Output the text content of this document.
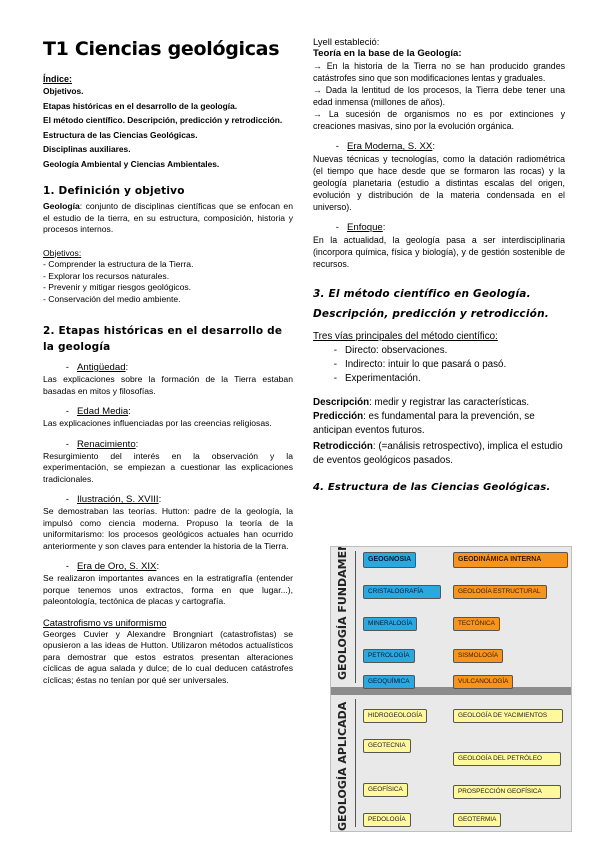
T1 Ciencias geológicas

Índice:

Objetivos.

Etapas históricas en el desarrollo de la geología.

El método científico. Descripción, predicción y retrodicción.

Estructura de las Ciencias Geológicas.

Disciplinas auxiliares.

Geología Ambiental y Ciencias Ambientales.

1. Definición y objetivo

Geología: conjunto de disciplinas científicas que se enfocan en el estudio de la tierra, en su estructura, composición, historia y procesos internos.

Objetivos:

- Comprender la estructura de la Tierra.

- Explorar los recursos naturales.

- Prevenir y mitigar riesgos geológicos.

- Conservación del medio ambiente.

2. Etapas históricas en el desarrollo de la geología

- Antigüedad:

Las explicaciones sobre la formación de la Tierra estaban basadas en mitos y filosofías.

- Edad Media:

Las explicaciones influenciadas por las creencias religiosas.

- Renacimiento:

Resurgimiento del interés en la observación y la experimentación, se empiezan a cuestionar las explicaciones tradicionales.

- Ilustración, S. XVIII:

Se demostraban las teorías. Hutton: padre de la geología, la impulsó como ciencia moderna. Propuso la teoría de la uniformitarismo: los procesos geológicos actuales han ocurrido anteriormente y son claves para entender la historia de la Tierra.

- Era de Oro, S. XIX:

Se realizaron importantes avances en la estratigrafía (entender porque tenemos unos extractos, forma en que lugar...), paleontología, tectónica de placas y cartografía.

Catastrofismo vs uniformismo

Georges Cuvier y Alexandre Brongniart (catastrofistas) se opusieron a las ideas de Hutton. Utilizaron métodos actualísticos para demostrar que estos estratos presentan alteraciones cíclicas de agua salada y dulce; de lo cual deducen catástrofes cíclicas; éstas no tenían por qué ser universales.

Lyell estableció:

Teoría en la base de la Geología:

→ En la historia de la Tierra no se han producido grandes catástrofes sino que son modificaciones lentas y graduales.

→ Dada la lentitud de los procesos, la Tierra debe tener una edad inmensa (millones de años).

→ La sucesión de organismos no es por extinciones y creaciones masivas, sino por la evolución orgánica.

- Era Moderna, S. XX:

Nuevas técnicas y tecnologías, como la datación radiométrica (el tiempo que hace desde que se formaron las rocas) y la geología planetaria (estudio a distintas escalas del origen, evolución y distribución de la materia condensada en el universo).

- Enfoque:

En la actualidad, la geología pasa a ser interdisciplinaria (incorpora química, física y biología), y de gestión sostenible de recursos.

3. El método científico en Geología. Descripción, predicción y retrodicción.

Tres vías principales del método científico:

- Directo: observaciones.

- Indirecto: intuir lo que pasará o pasó.

- Experimentación.

Descripción: medir y registrar las características.

Predicción: es fundamental para la prevención, se anticipan eventos futuros.

Retrodicción: (=análisis retrospectivo), implica el estudio de eventos geológicos pasados.

4. Estructura de las Ciencias Geológicas.
GEOGNOSIA	GEODINÁMICA INTERNA
CRISTALOGRAFÍA
MINERALOGÍA
PETROLOGÍA
GEOQUÍMICA
GEOLOGÍA ESTRUCTURAL
TECTÓNICA
SISMOLOGÍA
VULCANOLOGÍA
HIDROGEOLOGÍA
GEOTECNIA
GEOFÍSICA
PEDOLOGÍA
GEOLOGÍA DE YACIMIENTOS
GEOLOGÍA DEL PETRÓLEO
PROSPECCIÓN GEOFÍSICA
GEOTERMIA
